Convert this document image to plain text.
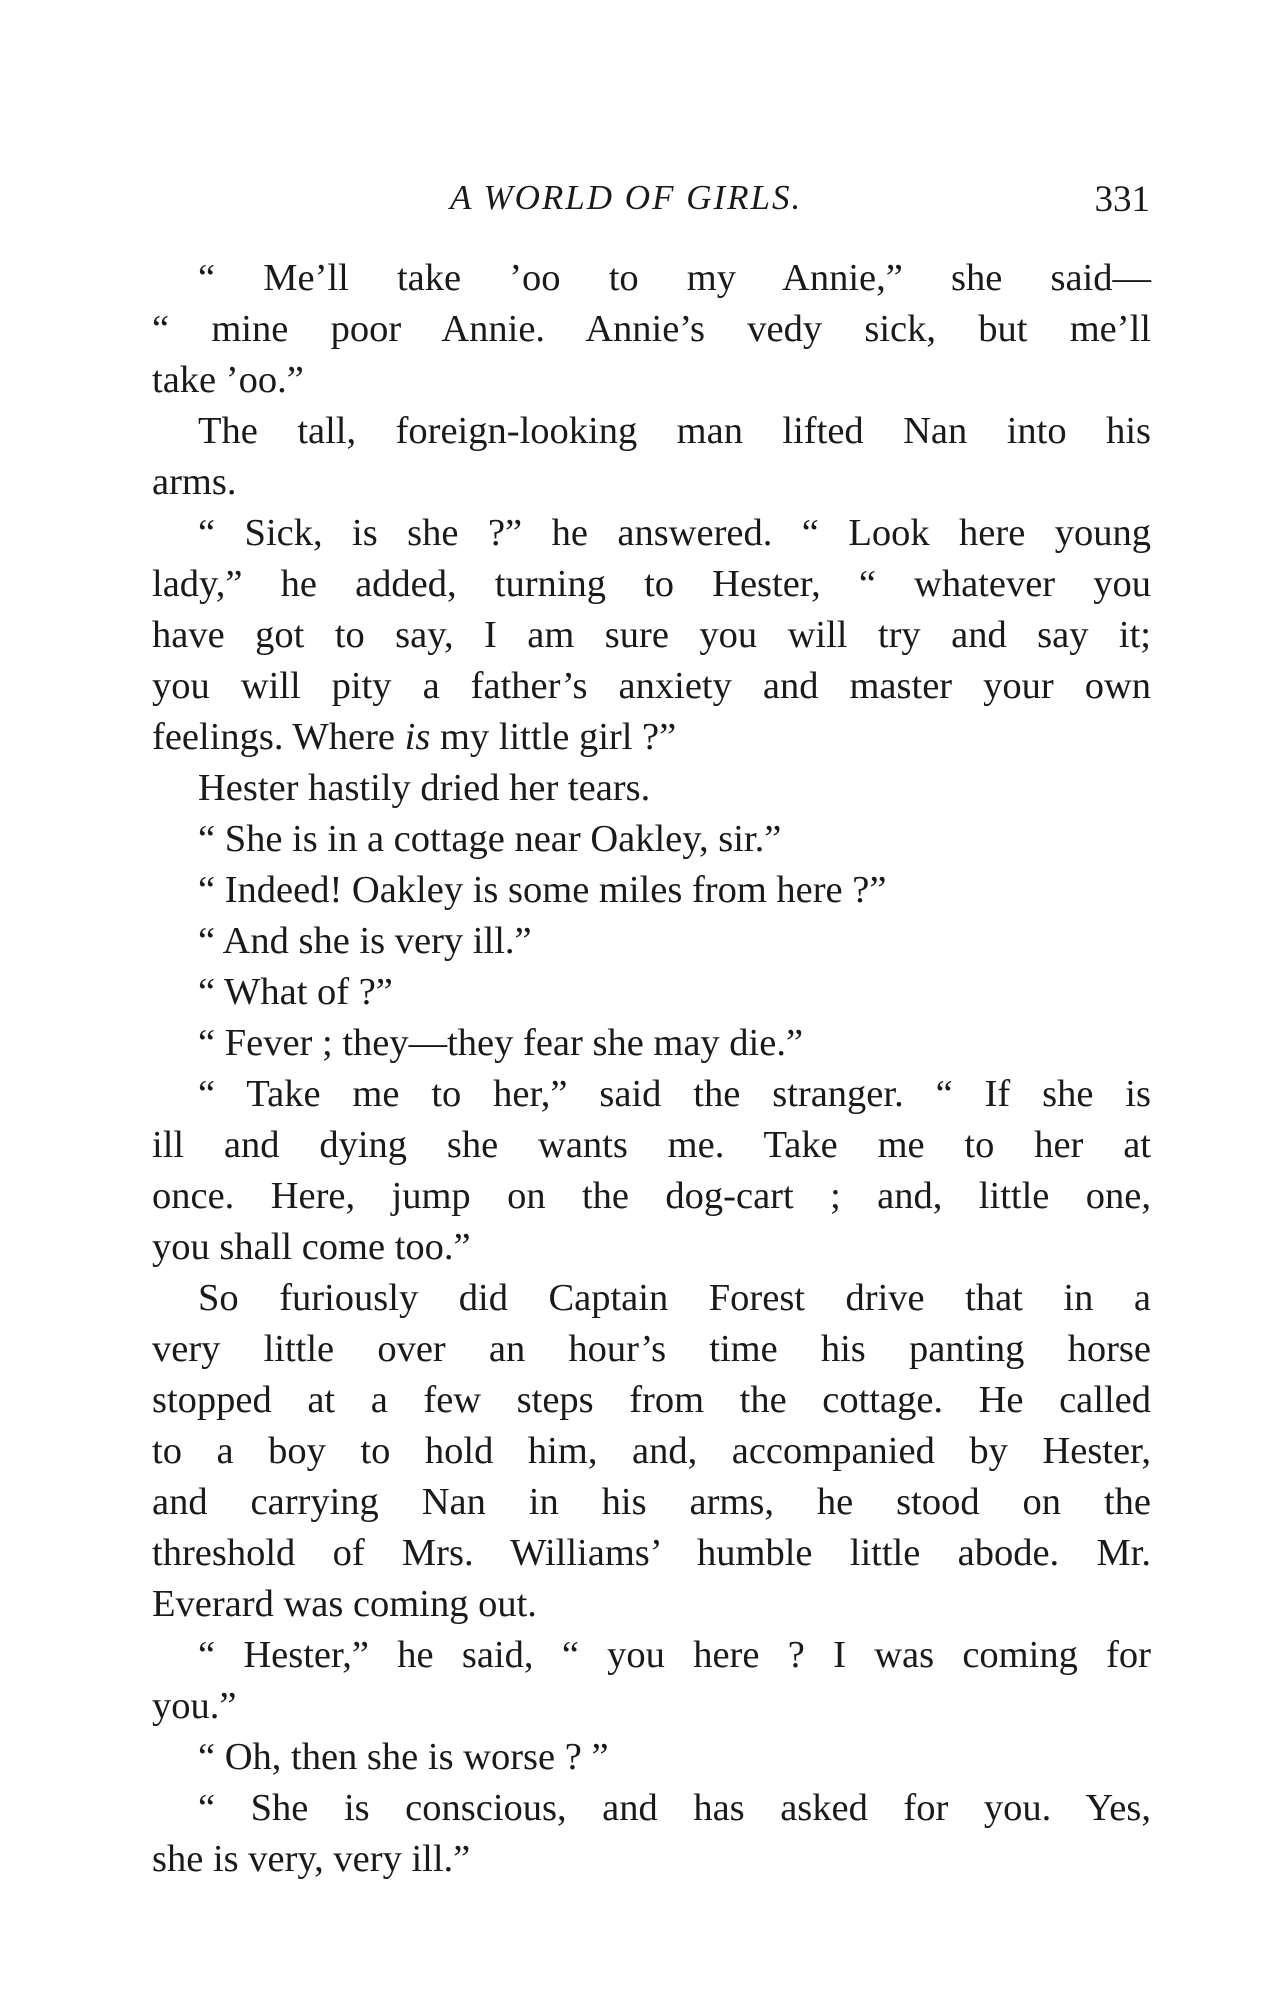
A WORLD OF GIRLS.	331
“ Me’ll take ’oo to my Annie,” she said—
“ mine poor Annie. Annie’s vedy sick, but me’ll
take ’oo.”
The tall, foreign-looking man lifted Nan into his
arms.
“ Sick, is she ?” he answered. “ Look here young
lady,” he added, turning to Hester, “ whatever you
have got to say, I am sure you will try and say it;
you will pity a father’s anxiety and master your own
feelings. Where is my little girl ?”
Hester hastily dried her tears.
“ She is in a cottage near Oakley, sir.”
“ Indeed! Oakley is some miles from here ?”
“ And she is very ill.”
“ What of ?”
“ Fever ; they—they fear she may die.”
“ Take me to her,” said the stranger. “ If she is
ill and dying she wants me. Take me to her at
once. Here, jump on the dog-cart ; and, little one,
you shall come too.”
So furiously did Captain Forest drive that in a
very little over an hour’s time his panting horse
stopped at a few steps from the cottage. He called
to a boy to hold him, and, accompanied by Hester,
and carrying Nan in his arms, he stood on the
threshold of Mrs. Williams’ humble little abode. Mr.
Everard was coming out.
“ Hester,” he said, “ you here ? I was coming for
you.”
“ Oh, then she is worse ? ”
“ She is conscious, and has asked for you. Yes,
she is very, very ill.”
